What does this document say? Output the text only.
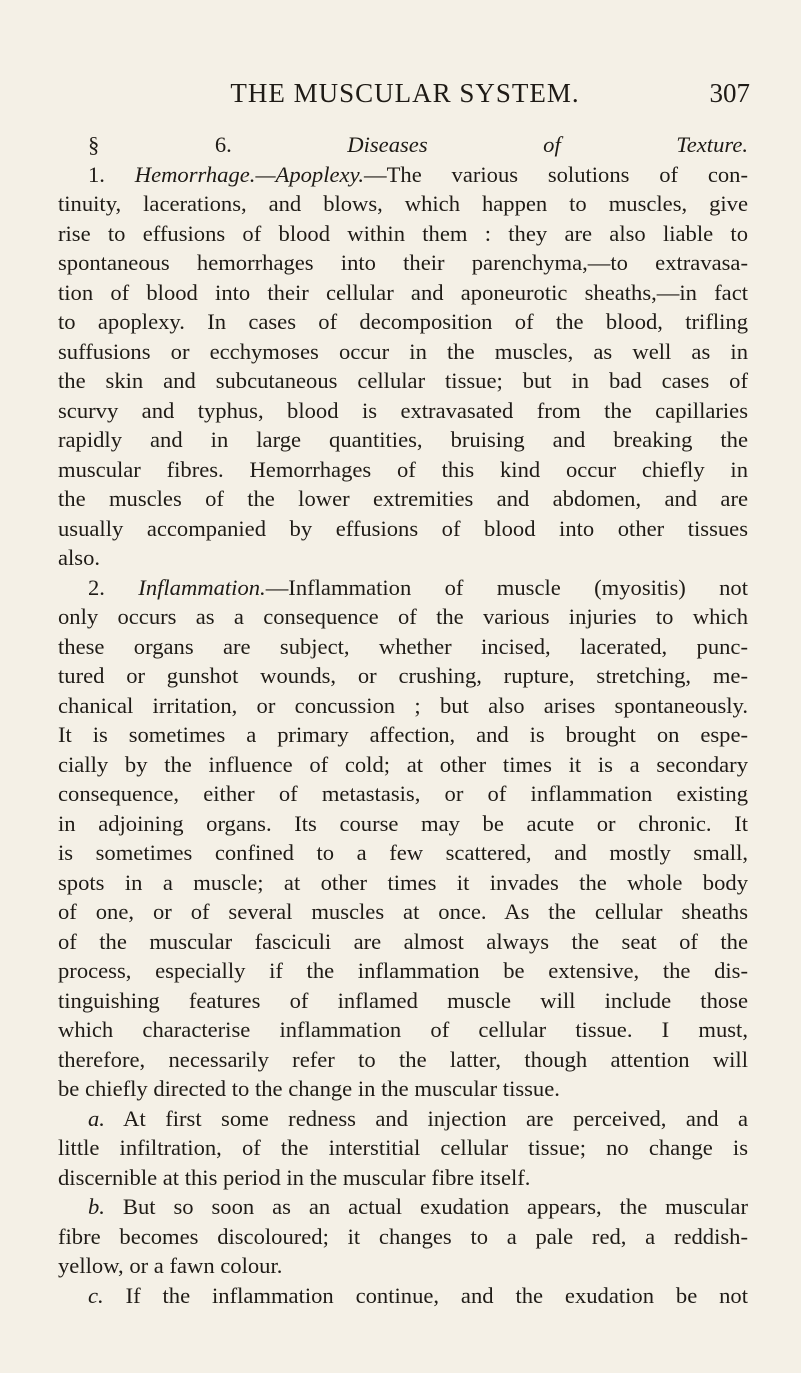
THE MUSCULAR SYSTEM.	307
§ 6. Diseases of Texture.
1. Hemorrhage.—Apoplexy.—The various solutions of con-
tinuity, lacerations, and blows, which happen to muscles, give
rise to effusions of blood within them : they are also liable to
spontaneous hemorrhages into their parenchyma,—to extravasa-
tion of blood into their cellular and aponeurotic sheaths,—in fact
to apoplexy. In cases of decomposition of the blood, trifling
suffusions or ecchymoses occur in the muscles, as well as in
the skin and subcutaneous cellular tissue; but in bad cases of
scurvy and typhus, blood is extravasated from the capillaries
rapidly and in large quantities, bruising and breaking the
muscular fibres. Hemorrhages of this kind occur chiefly in
the muscles of the lower extremities and abdomen, and are
usually accompanied by effusions of blood into other tissues
also.
2. Inflammation.—Inflammation of muscle (myositis) not
only occurs as a consequence of the various injuries to which
these organs are subject, whether incised, lacerated, punc-
tured or gunshot wounds, or crushing, rupture, stretching, me-
chanical irritation, or concussion ; but also arises spontaneously.
It is sometimes a primary affection, and is brought on espe-
cially by the influence of cold; at other times it is a secondary
consequence, either of metastasis, or of inflammation existing
in adjoining organs. Its course may be acute or chronic. It
is sometimes confined to a few scattered, and mostly small,
spots in a muscle; at other times it invades the whole body
of one, or of several muscles at once. As the cellular sheaths
of the muscular fasciculi are almost always the seat of the
process, especially if the inflammation be extensive, the dis-
tinguishing features of inflamed muscle will include those
which characterise inflammation of cellular tissue. I must,
therefore, necessarily refer to the latter, though attention will
be chiefly directed to the change in the muscular tissue.
a. At first some redness and injection are perceived, and a
little infiltration, of the interstitial cellular tissue; no change is
discernible at this period in the muscular fibre itself.
b. But so soon as an actual exudation appears, the muscular
fibre becomes discoloured; it changes to a pale red, a reddish-
yellow, or a fawn colour.
c. If the inflammation continue, and the exudation be not
